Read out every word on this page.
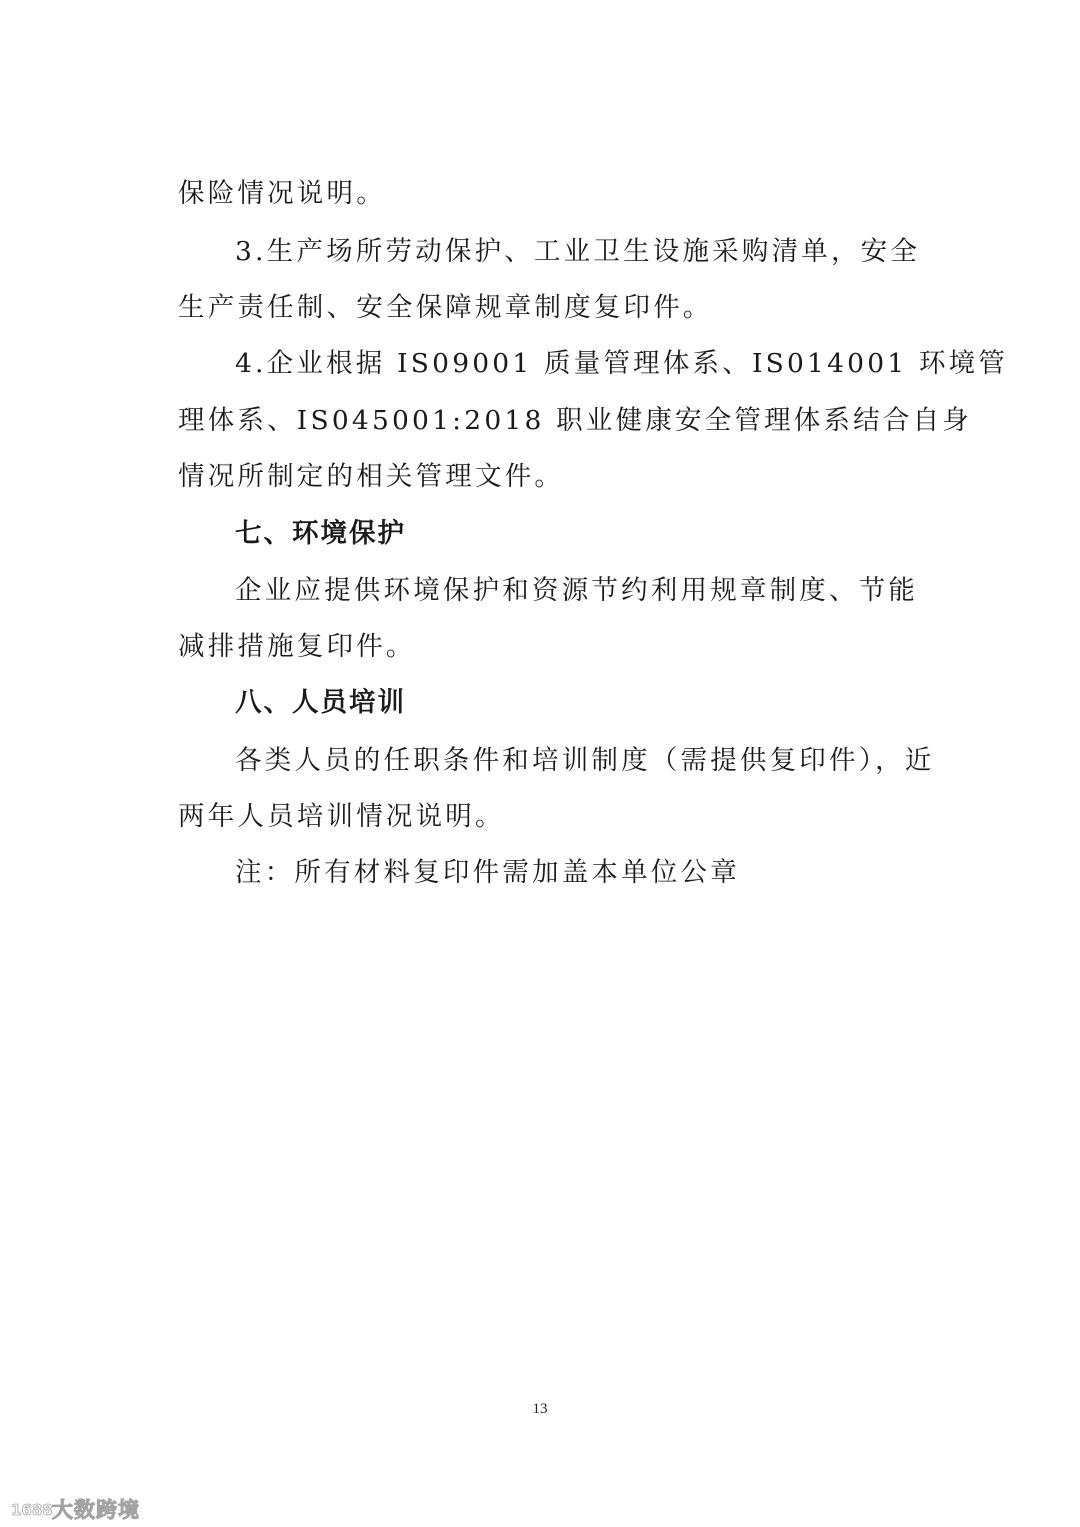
保险情况说明。
3.生产场所劳动保护、工业卫生设施采购清单，安全
生产责任制、安全保障规章制度复印件。
4.企业根据 IS09001 质量管理体系、IS014001 环境管
理体系、IS045001:2018 职业健康安全管理体系结合自身
情况所制定的相关管理文件。
七、环境保护
企业应提供环境保护和资源节约利用规章制度、节能
减排措施复印件。
八、人员培训
各类人员的任职条件和培训制度（需提供复印件），近
两年人员培训情况说明。
注：所有材料复印件需加盖本单位公章
13
1688 大数跨境
